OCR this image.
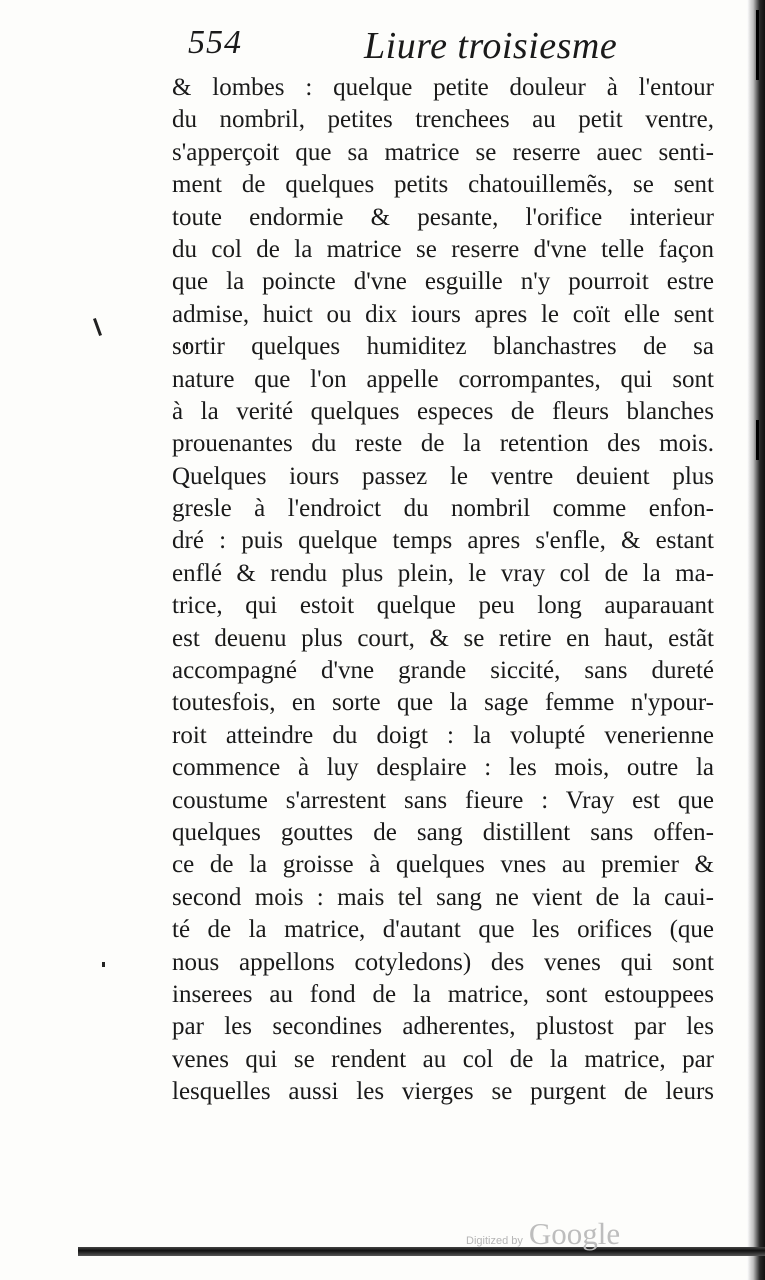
554	Liure troisiesme
& lombes : quelque petite douleur à l'entour
du nombril, petites trenchees au petit ventre,
s'apperçoit que sa matrice se reserre auec senti-
ment de quelques petits chatouillemẽs, se sent
toute endormie & pesante, l'orifice interieur
du col de la matrice se reserre d'vne telle façon
que la poincte d'vne esguille n'y pourroit estre
admise, huict ou dix iours apres le coït elle sent
sortir quelques humiditez blanchastres de sa
nature que l'on appelle corrompantes, qui sont
à la verité quelques especes de fleurs blanches
prouenantes du reste de la retention des mois.
Quelques iours passez le ventre deuient plus
gresle à l'endroict du nombril comme enfon-
dré : puis quelque temps apres s'enfle, & estant
enflé & rendu plus plein, le vray col de la ma-
trice, qui estoit quelque peu long auparauant
est deuenu plus court, & se retire en haut, estãt
accompagné d'vne grande siccité, sans dureté
toutesfois, en sorte que la sage femme n'ypour-
roit atteindre du doigt : la volupté venerienne
commence à luy desplaire : les mois, outre la
coustume s'arrestent sans fieure : Vray est que
quelques gouttes de sang distillent sans offen-
ce de la groisse à quelques vnes au premier &
second mois : mais tel sang ne vient de la caui-
té de la matrice, d'autant que les orifices (que
nous appellons cotyledons) des venes qui sont
inserees au fond de la matrice, sont estouppees
par les secondines adherentes, plustost par les
venes qui se rendent au col de la matrice, par
lesquelles aussi les vierges se purgent de leurs
Digitized by Google
